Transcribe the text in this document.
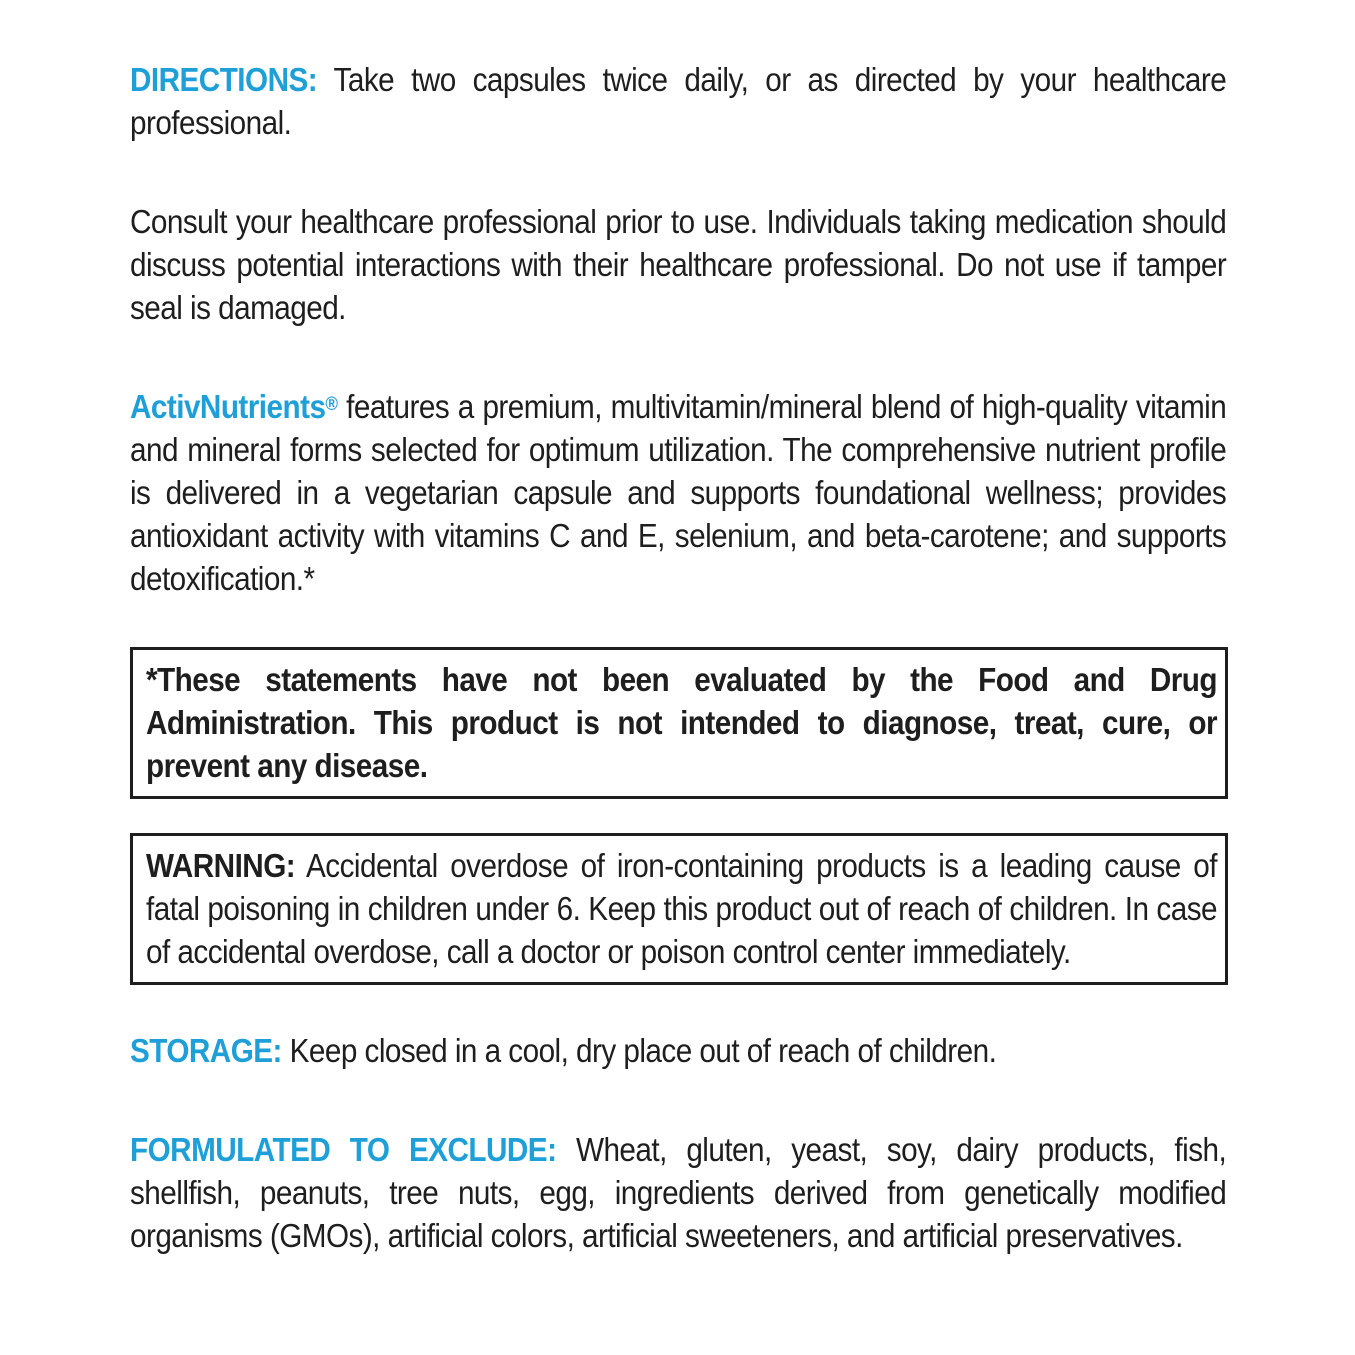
DIRECTIONS: Take two capsules twice daily, or as directed by your healthcare professional.

Consult your healthcare professional prior to use. Individuals taking medication should discuss potential interactions with their healthcare professional. Do not use if tamper seal is damaged.

ActivNutrients® features a premium, multivitamin/mineral blend of high-quality vitamin and mineral forms selected for optimum utilization. The comprehensive nutrient profile is delivered in a vegetarian capsule and supports foundational wellness; provides antioxidant activity with vitamins C and E, selenium, and beta-carotene; and supports detoxification.*

*These statements have not been evaluated by the Food and Drug Administration. This product is not intended to diagnose, treat, cure, or prevent any disease.

WARNING: Accidental overdose of iron-containing products is a leading cause of fatal poisoning in children under 6. Keep this product out of reach of children. In case of accidental overdose, call a doctor or poison control center immediately.

STORAGE: Keep closed in a cool, dry place out of reach of children.

FORMULATED TO EXCLUDE: Wheat, gluten, yeast, soy, dairy products, fish, shellfish, peanuts, tree nuts, egg, ingredients derived from genetically modified organisms (GMOs), artificial colors, artificial sweeteners, and artificial preservatives.
